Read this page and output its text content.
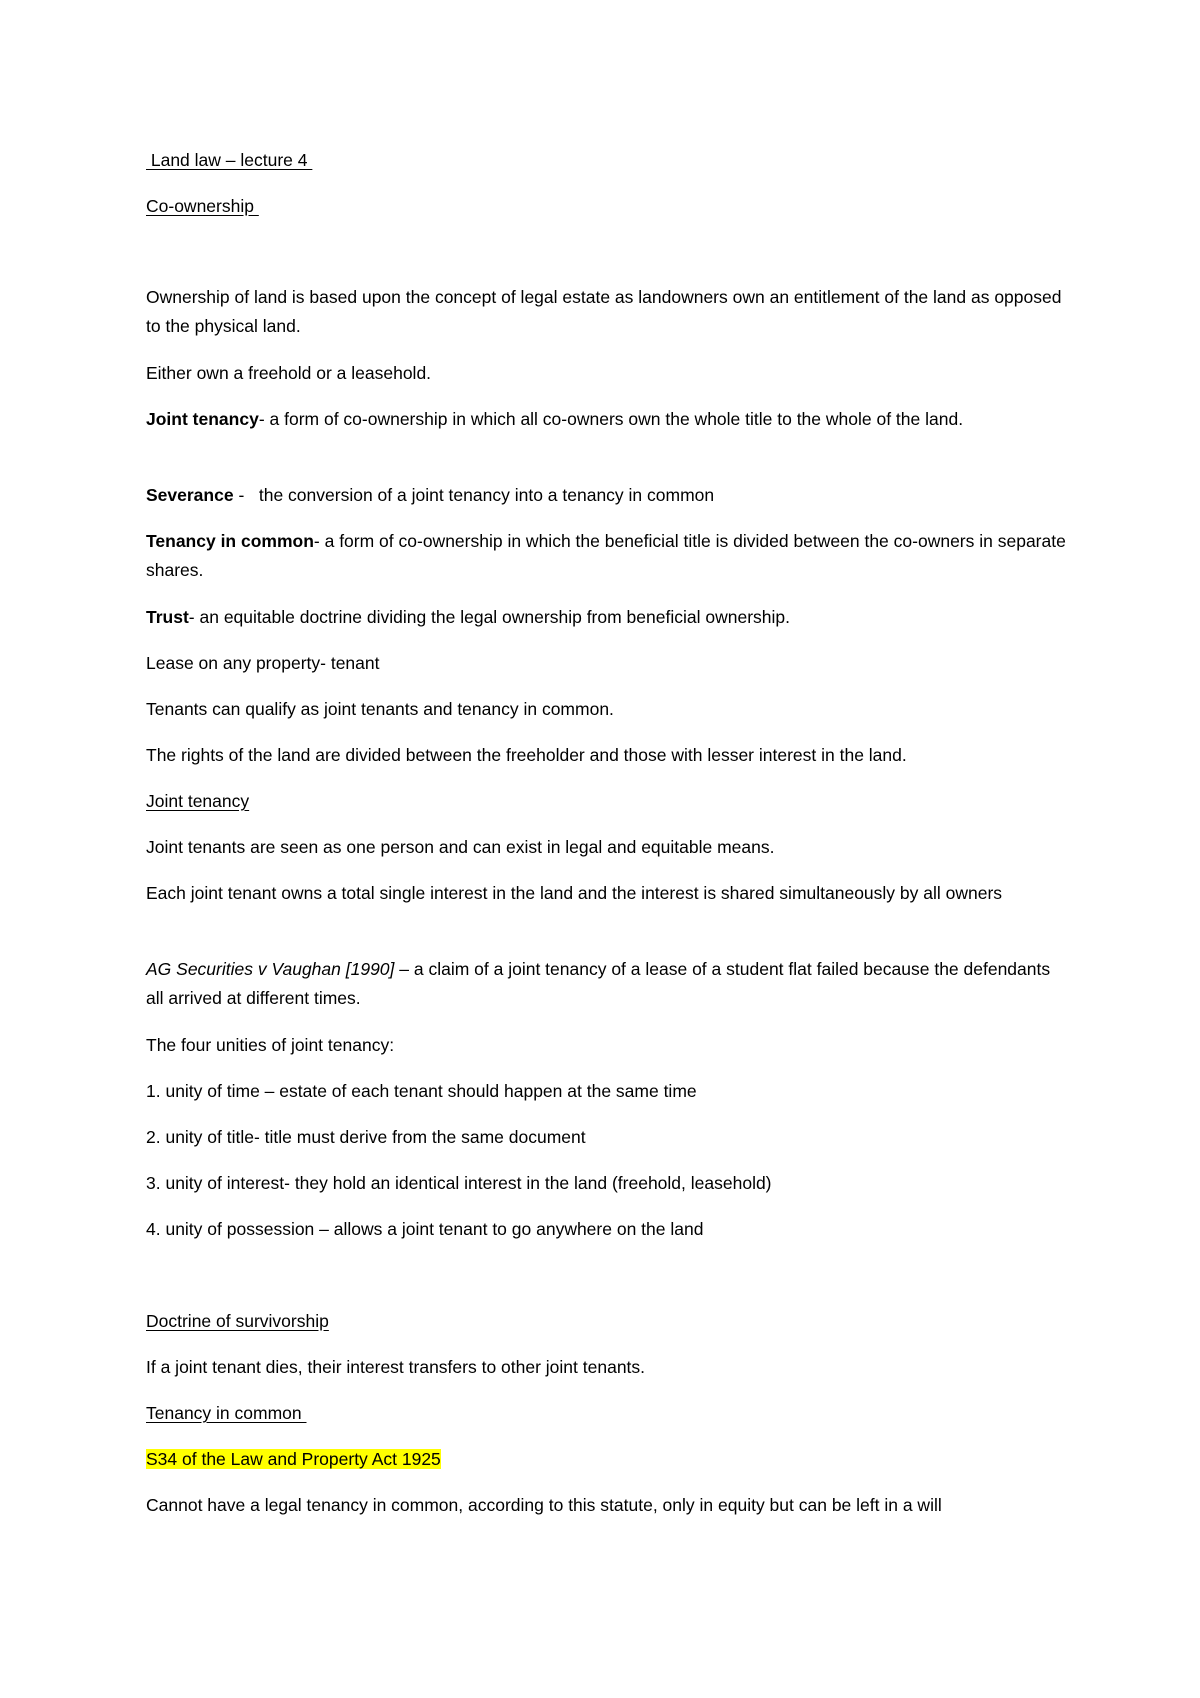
Land law – lecture 4
Co-ownership
Ownership of land is based upon the concept of legal estate as landowners own an entitlement of the land as opposed to the physical land.
Either own a freehold or a leasehold.
Joint tenancy- a form of co-ownership in which all co-owners own the whole title to the whole of the land.
Severance -   the conversion of a joint tenancy into a tenancy in common
Tenancy in common- a form of co-ownership in which the beneficial title is divided between the co-owners in separate shares.
Trust- an equitable doctrine dividing the legal ownership from beneficial ownership.
Lease on any property- tenant
Tenants can qualify as joint tenants and tenancy in common.
The rights of the land are divided between the freeholder and those with lesser interest in the land.
Joint tenancy
Joint tenants are seen as one person and can exist in legal and equitable means.
Each joint tenant owns a total single interest in the land and the interest is shared simultaneously by all owners
AG Securities v Vaughan [1990] – a claim of a joint tenancy of a lease of a student flat failed because the defendants all arrived at different times.
The four unities of joint tenancy:
1. unity of time – estate of each tenant should happen at the same time
2. unity of title- title must derive from the same document
3. unity of interest- they hold an identical interest in the land (freehold, leasehold)
4. unity of possession – allows a joint tenant to go anywhere on the land
Doctrine of survivorship
If a joint tenant dies, their interest transfers to other joint tenants.
Tenancy in common
S34 of the Law and Property Act 1925
Cannot have a legal tenancy in common, according to this statute, only in equity but can be left in a will
